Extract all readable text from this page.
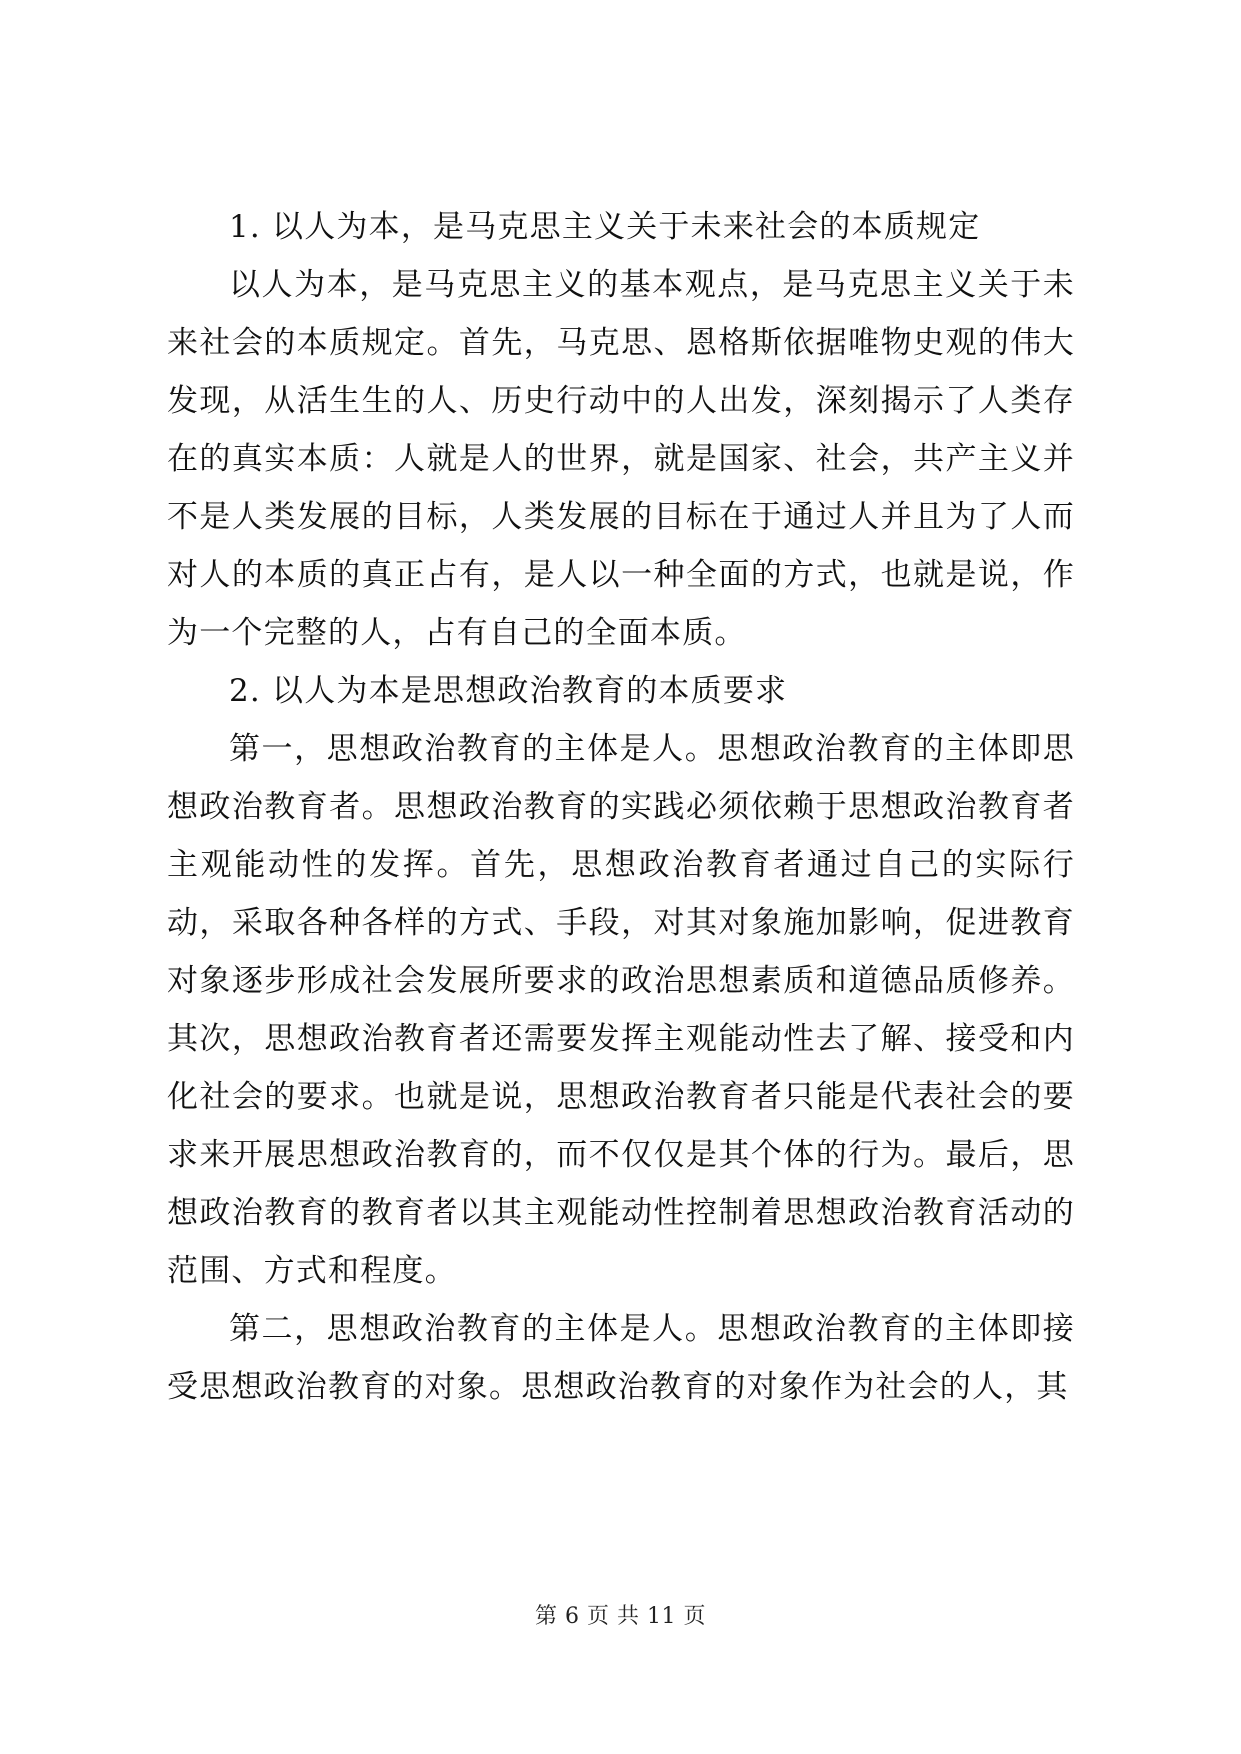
1. 以人为本，是马克思主义关于未来社会的本质规定

以人为本，是马克思主义的基本观点，是马克思主义关于未来社会的本质规定。首先，马克思、恩格斯依据唯物史观的伟大发现，从活生生的人、历史行动中的人出发，深刻揭示了人类存在的真实本质：人就是人的世界，就是国家、社会，共产主义并不是人类发展的目标，人类发展的目标在于通过人并且为了人而对人的本质的真正占有，是人以一种全面的方式，也就是说，作为一个完整的人，占有自己的全面本质。

2. 以人为本是思想政治教育的本质要求

第一，思想政治教育的主体是人。思想政治教育的主体即思想政治教育者。思想政治教育的实践必须依赖于思想政治教育者主观能动性的发挥。首先，思想政治教育者通过自己的实际行动，采取各种各样的方式、手段，对其对象施加影响，促进教育对象逐步形成社会发展所要求的政治思想素质和道德品质修养。其次，思想政治教育者还需要发挥主观能动性去了解、接受和内化社会的要求。也就是说，思想政治教育者只能是代表社会的要求来开展思想政治教育的，而不仅仅是其个体的行为。最后，思想政治教育的教育者以其主观能动性控制着思想政治教育活动的范围、方式和程度。

第二，思想政治教育的主体是人。思想政治教育的主体即接受思想政治教育的对象。思想政治教育的对象作为社会的人，其

第 6 页 共 11 页
